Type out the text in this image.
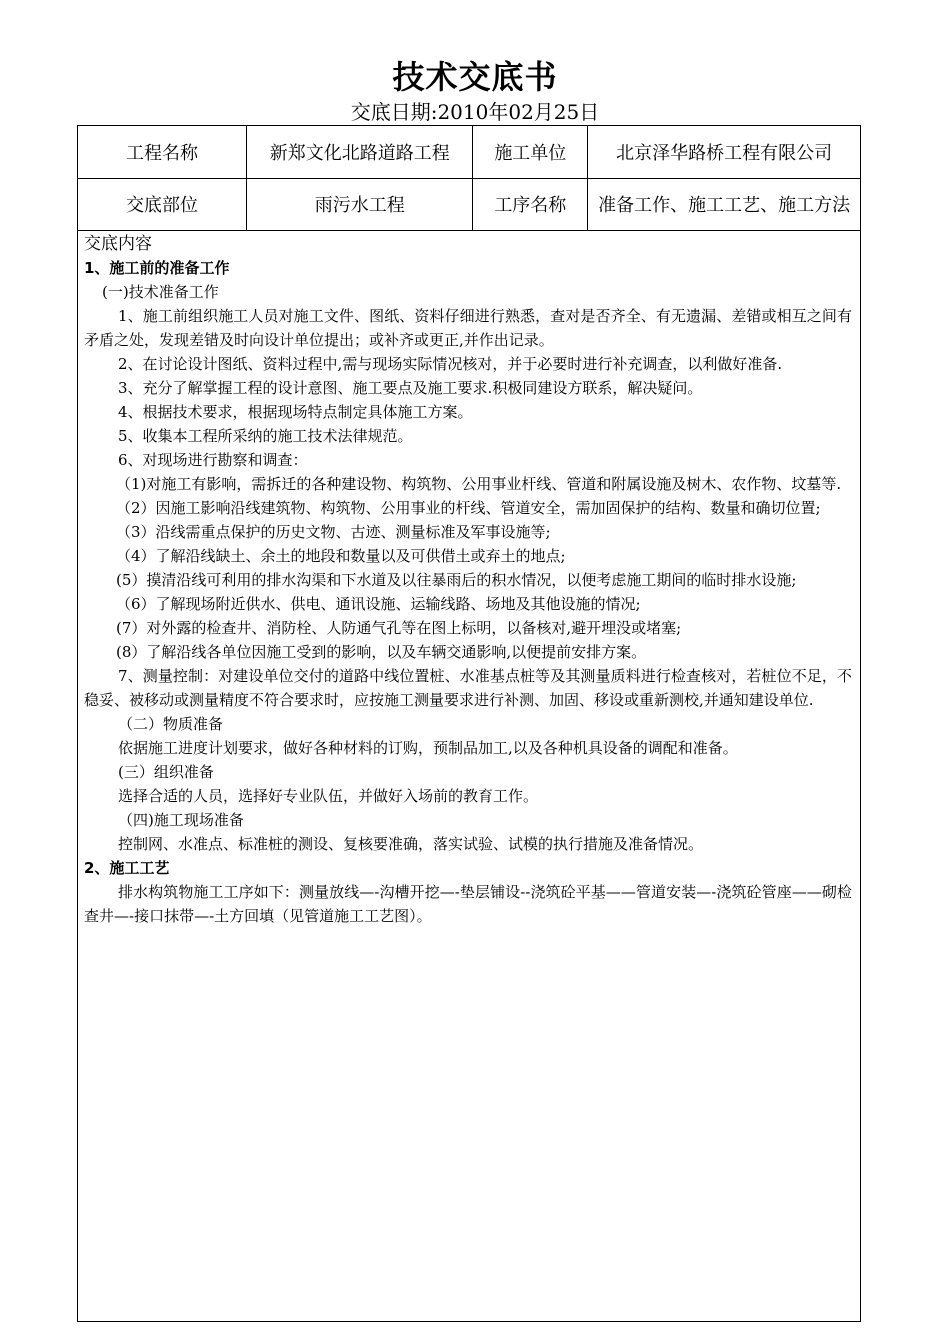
技术交底书
交底日期:2010年02月25日
工程名称	新郑文化北路道路工程	施工单位	北京泽华路桥工程有限公司
交底部位	雨污水工程	工序名称	准备工作、施工工艺、施工方法

交底内容

1、施工前的准备工作

(一)技术准备工作

1、施工前组织施工人员对施工文件、图纸、资料仔细进行熟悉，查对是否齐全、有无遗漏、差错或相互之间有矛盾之处，发现差错及时向设计单位提出；或补齐或更正,并作出记录。

2、在讨论设计图纸、资料过程中,需与现场实际情况核对，并于必要时进行补充调查，以利做好准备.

3、充分了解掌握工程的设计意图、施工要点及施工要求.积极同建设方联系，解决疑问。

4、根据技术要求，根据现场特点制定具体施工方案。

5、收集本工程所采纳的施工技术法律规范。

6、对现场进行勘察和调查：

（1)对施工有影响，需拆迁的各种建设物、构筑物、公用事业杆线、管道和附属设施及树木、农作物、坟墓等.

（2）因施工影响沿线建筑物、构筑物、公用事业的杆线、管道安全，需加固保护的结构、数量和确切位置;

（3）沿线需重点保护的历史文物、古迹、测量标准及军事设施等;

（4）了解沿线缺土、余土的地段和数量以及可供借土或弃土的地点;

(5）摸清沿线可利用的排水沟渠和下水道及以往暴雨后的积水情况，以便考虑施工期间的临时排水设施;

（6）了解现场附近供水、供电、通讯设施、运输线路、场地及其他设施的情况;

(7）对外露的检查井、消防栓、人防通气孔等在图上标明，以备核对,避开埋没或堵塞;

(8）了解沿线各单位因施工受到的影响，以及车辆交通影响,以便提前安排方案。

7、测量控制：对建设单位交付的道路中线位置桩、水准基点桩等及其测量质料进行检查核对，若桩位不足，不稳妥、被移动或测量精度不符合要求时，应按施工测量要求进行补测、加固、移设或重新测校,并通知建设单位.

（二）物质准备

依据施工进度计划要求，做好各种材料的订购，预制品加工,以及各种机具设备的调配和准备。

(三）组织准备

选择合适的人员，选择好专业队伍，并做好入场前的教育工作。

（四)施工现场准备

控制网、水准点、标准桩的测设、复核要准确，落实试验、试模的执行措施及准备情况。

2、施工工艺

排水构筑物施工工序如下：测量放线—-沟槽开挖—-垫层铺设--浇筑砼平基——管道安装—-浇筑砼管座——砌检查井—-接口抹带—-土方回填（见管道施工工艺图）。
